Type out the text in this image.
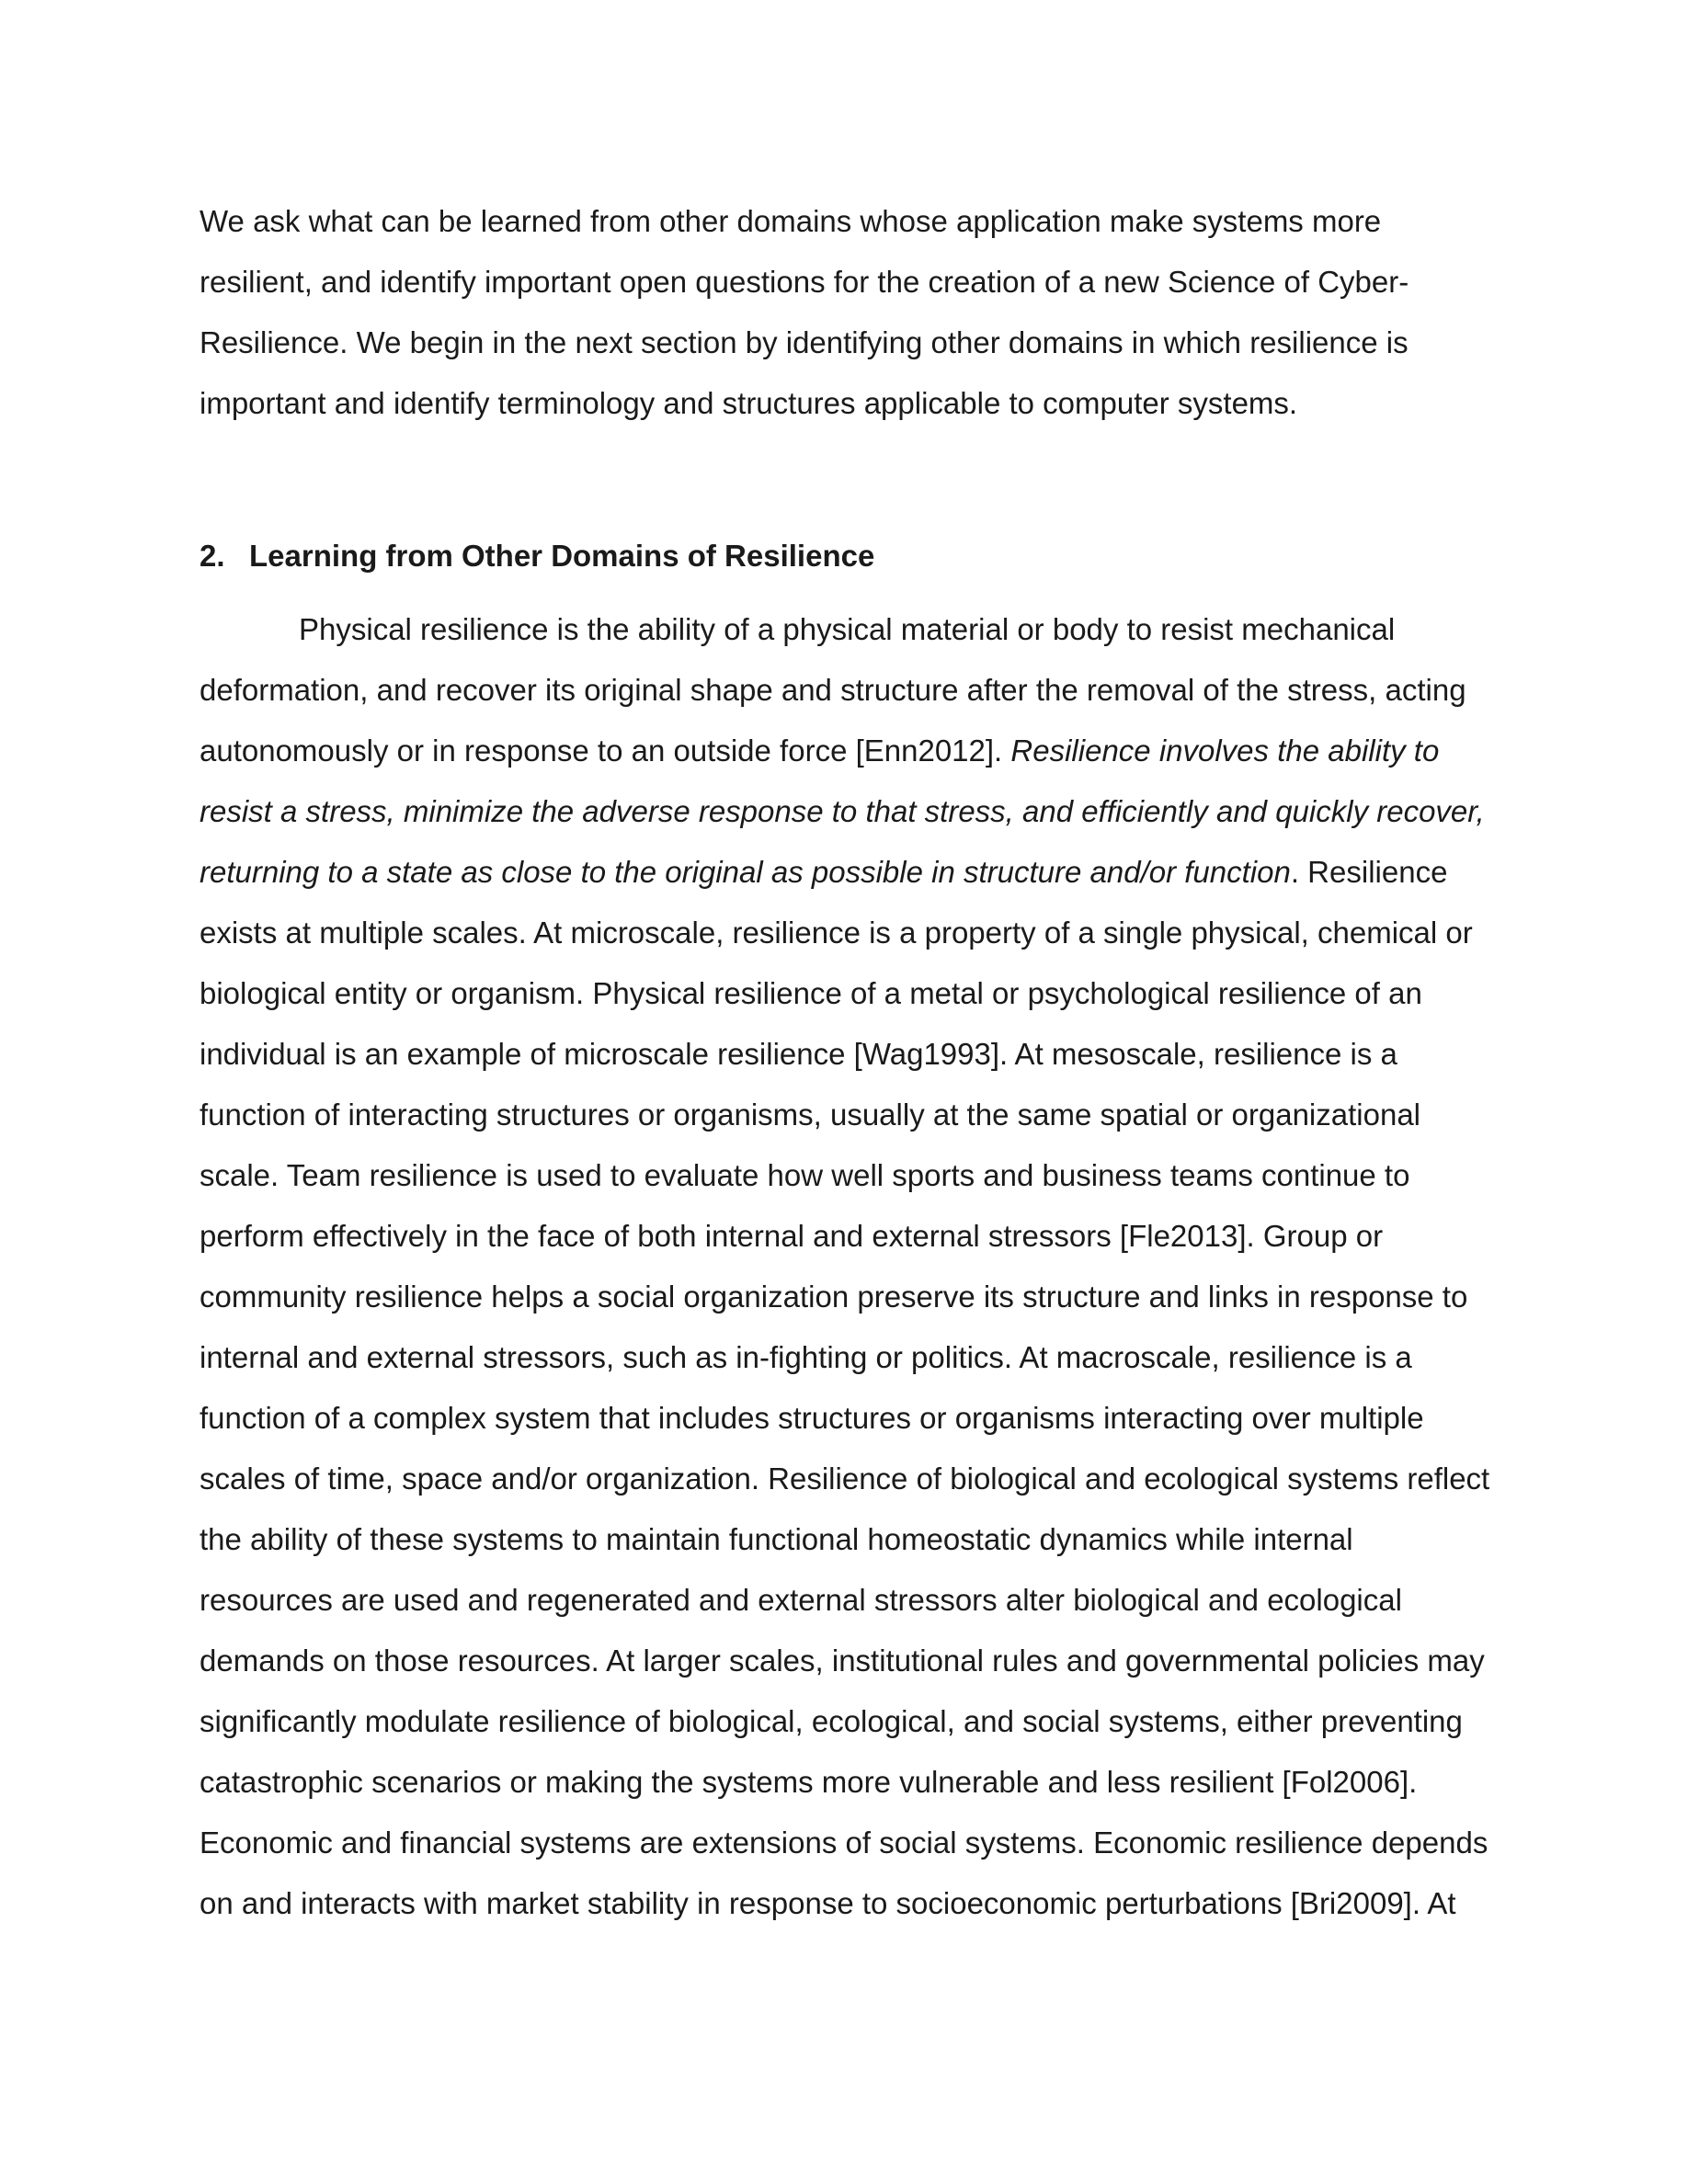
We ask what can be learned from other domains whose application make systems more
resilient, and identify important open questions for the creation of a new Science of Cyber-
Resilience. We begin in the next section by identifying other domains in which resilience is
important and identify terminology and structures applicable to computer systems.
2. Learning from Other Domains of Resilience
Physical resilience is the ability of a physical material or body to resist mechanical
deformation, and recover its original shape and structure after the removal of the stress, acting
autonomously or in response to an outside force [Enn2012]. Resilience involves the ability to
resist a stress, minimize the adverse response to that stress, and efficiently and quickly recover,
returning to a state as close to the original as possible in structure and/or function. Resilience
exists at multiple scales. At microscale, resilience is a property of a single physical, chemical or
biological entity or organism. Physical resilience of a metal or psychological resilience of an
individual is an example of microscale resilience [Wag1993]. At mesoscale, resilience is a
function of interacting structures or organisms, usually at the same spatial or organizational
scale. Team resilience is used to evaluate how well sports and business teams continue to
perform effectively in the face of both internal and external stressors [Fle2013]. Group or
community resilience helps a social organization preserve its structure and links in response to
internal and external stressors, such as in-fighting or politics. At macroscale, resilience is a
function of a complex system that includes structures or organisms interacting over multiple
scales of time, space and/or organization. Resilience of biological and ecological systems reflect
the ability of these systems to maintain functional homeostatic dynamics while internal
resources are used and regenerated and external stressors alter biological and ecological
demands on those resources. At larger scales, institutional rules and governmental policies may
significantly modulate resilience of biological, ecological, and social systems, either preventing
catastrophic scenarios or making the systems more vulnerable and less resilient [Fol2006].
Economic and financial systems are extensions of social systems. Economic resilience depends
on and interacts with market stability in response to socioeconomic perturbations [Bri2009]. At
